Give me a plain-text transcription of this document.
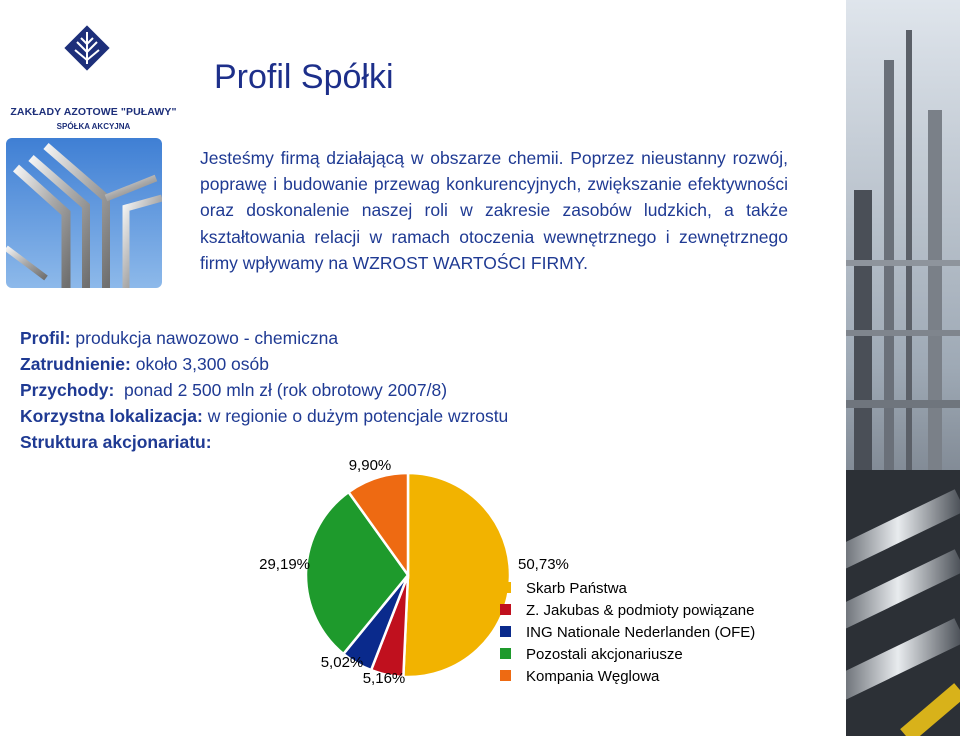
ZAKŁADY AZOTOWE "PUŁAWY"
SPÓŁKA AKCYJNA
Profil Spółki

Jesteśmy firmą działającą w obszarze chemii. Poprzez nieustanny rozwój, poprawę i budowanie przewag konkurencyjnych, zwiększanie efektywności oraz doskonalenie naszej roli w zakresie zasobów ludzkich, a także kształtowania relacji w ramach otoczenia wewnętrznego i zewnętrznego firmy wpływamy na WZROST WARTOŚCI FIRMY.

Profil: produkcja nawozowo - chemiczna
Zatrudnienie: około 3,300 osób
Przychody:  ponad 2 500 mln zł (rok obrotowy 2007/8)
Korzystna lokalizacja: w regionie o dużym potencjale wzrostu
Struktura akcjonariatu:
50,73%
5,16%
5,02%
29,19%
9,90%
Skarb Państwa
Z. Jakubas & podmioty powiązane
ING Nationale Nederlanden (OFE)
Pozostali akcjonariusze
Kompania Węglowa
